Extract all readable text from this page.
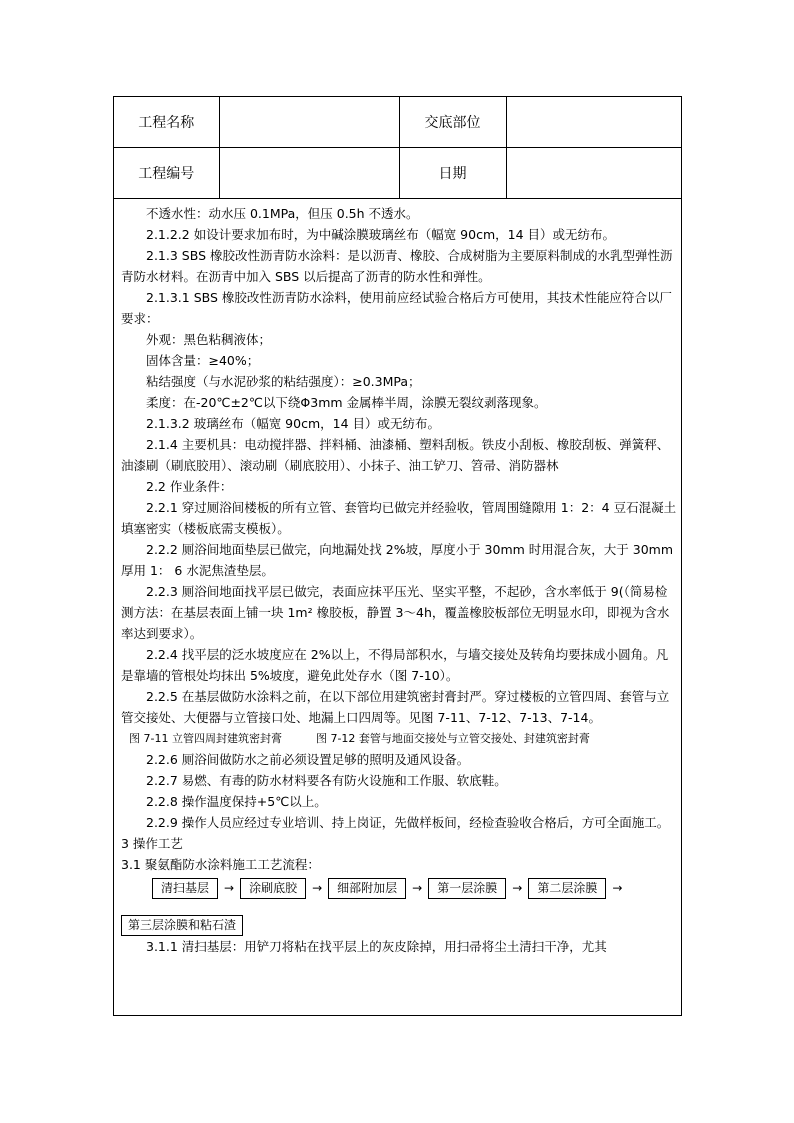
工程名称		交底部位	
工程编号		日期	

不透水性：动水压 0.1MPa，但压 0.5h 不透水。

2.1.2.2 如设计要求加布时，为中碱涂膜玻璃丝布（幅宽 90cm，14 目）或无纺布。

2.1.3 SBS 橡胶改性沥青防水涂料：是以沥青、橡胶、合成树脂为主要原料制成的水乳型弹性沥青防水材料。在沥青中加入 SBS 以后提高了沥青的防水性和弹性。

2.1.3.1 SBS 橡胶改性沥青防水涂料，使用前应经试验合格后方可使用，其技术性能应符合以厂要求：

外观：黑色粘稠液体；

固体含量：≥40%；

粘结强度（与水泥砂浆的粘结强度）：≥0.3MPa；

柔度：在-20℃±2℃以下绕Φ3mm 金属棒半周，涂膜无裂纹剥落现象。

2.1.3.2 玻璃丝布（幅宽 90cm，14 目）或无纺布。

2.1.4 主要机具：电动搅拌器、拌料桶、油漆桶、塑料刮板。铁皮小刮板、橡胶刮板、弹簧秤、油漆刷（刷底胶用）、滚动刷（刷底胶用）、小抹子、油工铲刀、笤帚、消防器林

2.2 作业条件：

2.2.1 穿过厕浴间楼板的所有立管、套管均已做完并经验收，管周围缝隙用 1：2：4 豆石混凝土填塞密实（楼板底需支模板）。

2.2.2 厕浴间地面垫层已做完，向地漏处找 2%坡，厚度小于 30mm 时用混合灰，大于 30mm 厚用 1： 6 水泥焦渣垫层。

2.2.3 厕浴间地面找平层已做完，表面应抹平压光、坚实平整，不起砂，含水率低于 9(（简易检测方法：在基层表面上铺一块 1m² 橡胶板，静置 3～4h，覆盖橡胶板部位无明显水印，即视为含水率达到要求）。

2.2.4 找平层的泛水坡度应在 2%以上，不得局部积水，与墙交接处及转角均要抹成小圆角。凡是靠墙的管根处均抹出 5%坡度，避免此处存水（图 7-10）。

2.2.5 在基层做防水涂料之前，在以下部位用建筑密封膏封严。穿过楼板的立管四周、套管与立管交接处、大便器与立管接口处、地漏上口四周等。见图 7-11、7-12、7-13、7-14。

图 7-11 立管四周封建筑密封膏	图 7-12 套管与地面交接处与立管交接处、封建筑密封膏

2.2.6 厕浴间做防水之前必须设置足够的照明及通风设备。

2.2.7 易燃、有毒的防水材料要各有防火设施和工作服、软底鞋。

2.2.8 操作温度保持+5℃以上。

2.2.9 操作人员应经过专业培训、持上岗证，先做样板间，经检查验收合格后，方可全面施工。

3 操作工艺

3.1 聚氨酯防水涂料施工工艺流程：

清扫基层	→	涂刷底胶	→	细部附加层	→	第一层涂膜	→	第二层涂膜	→
第三层涂膜和粘石渣

3.1.1 清扫基层：用铲刀将粘在找平层上的灰皮除掉，用扫帚将尘土清扫干净，尤其
